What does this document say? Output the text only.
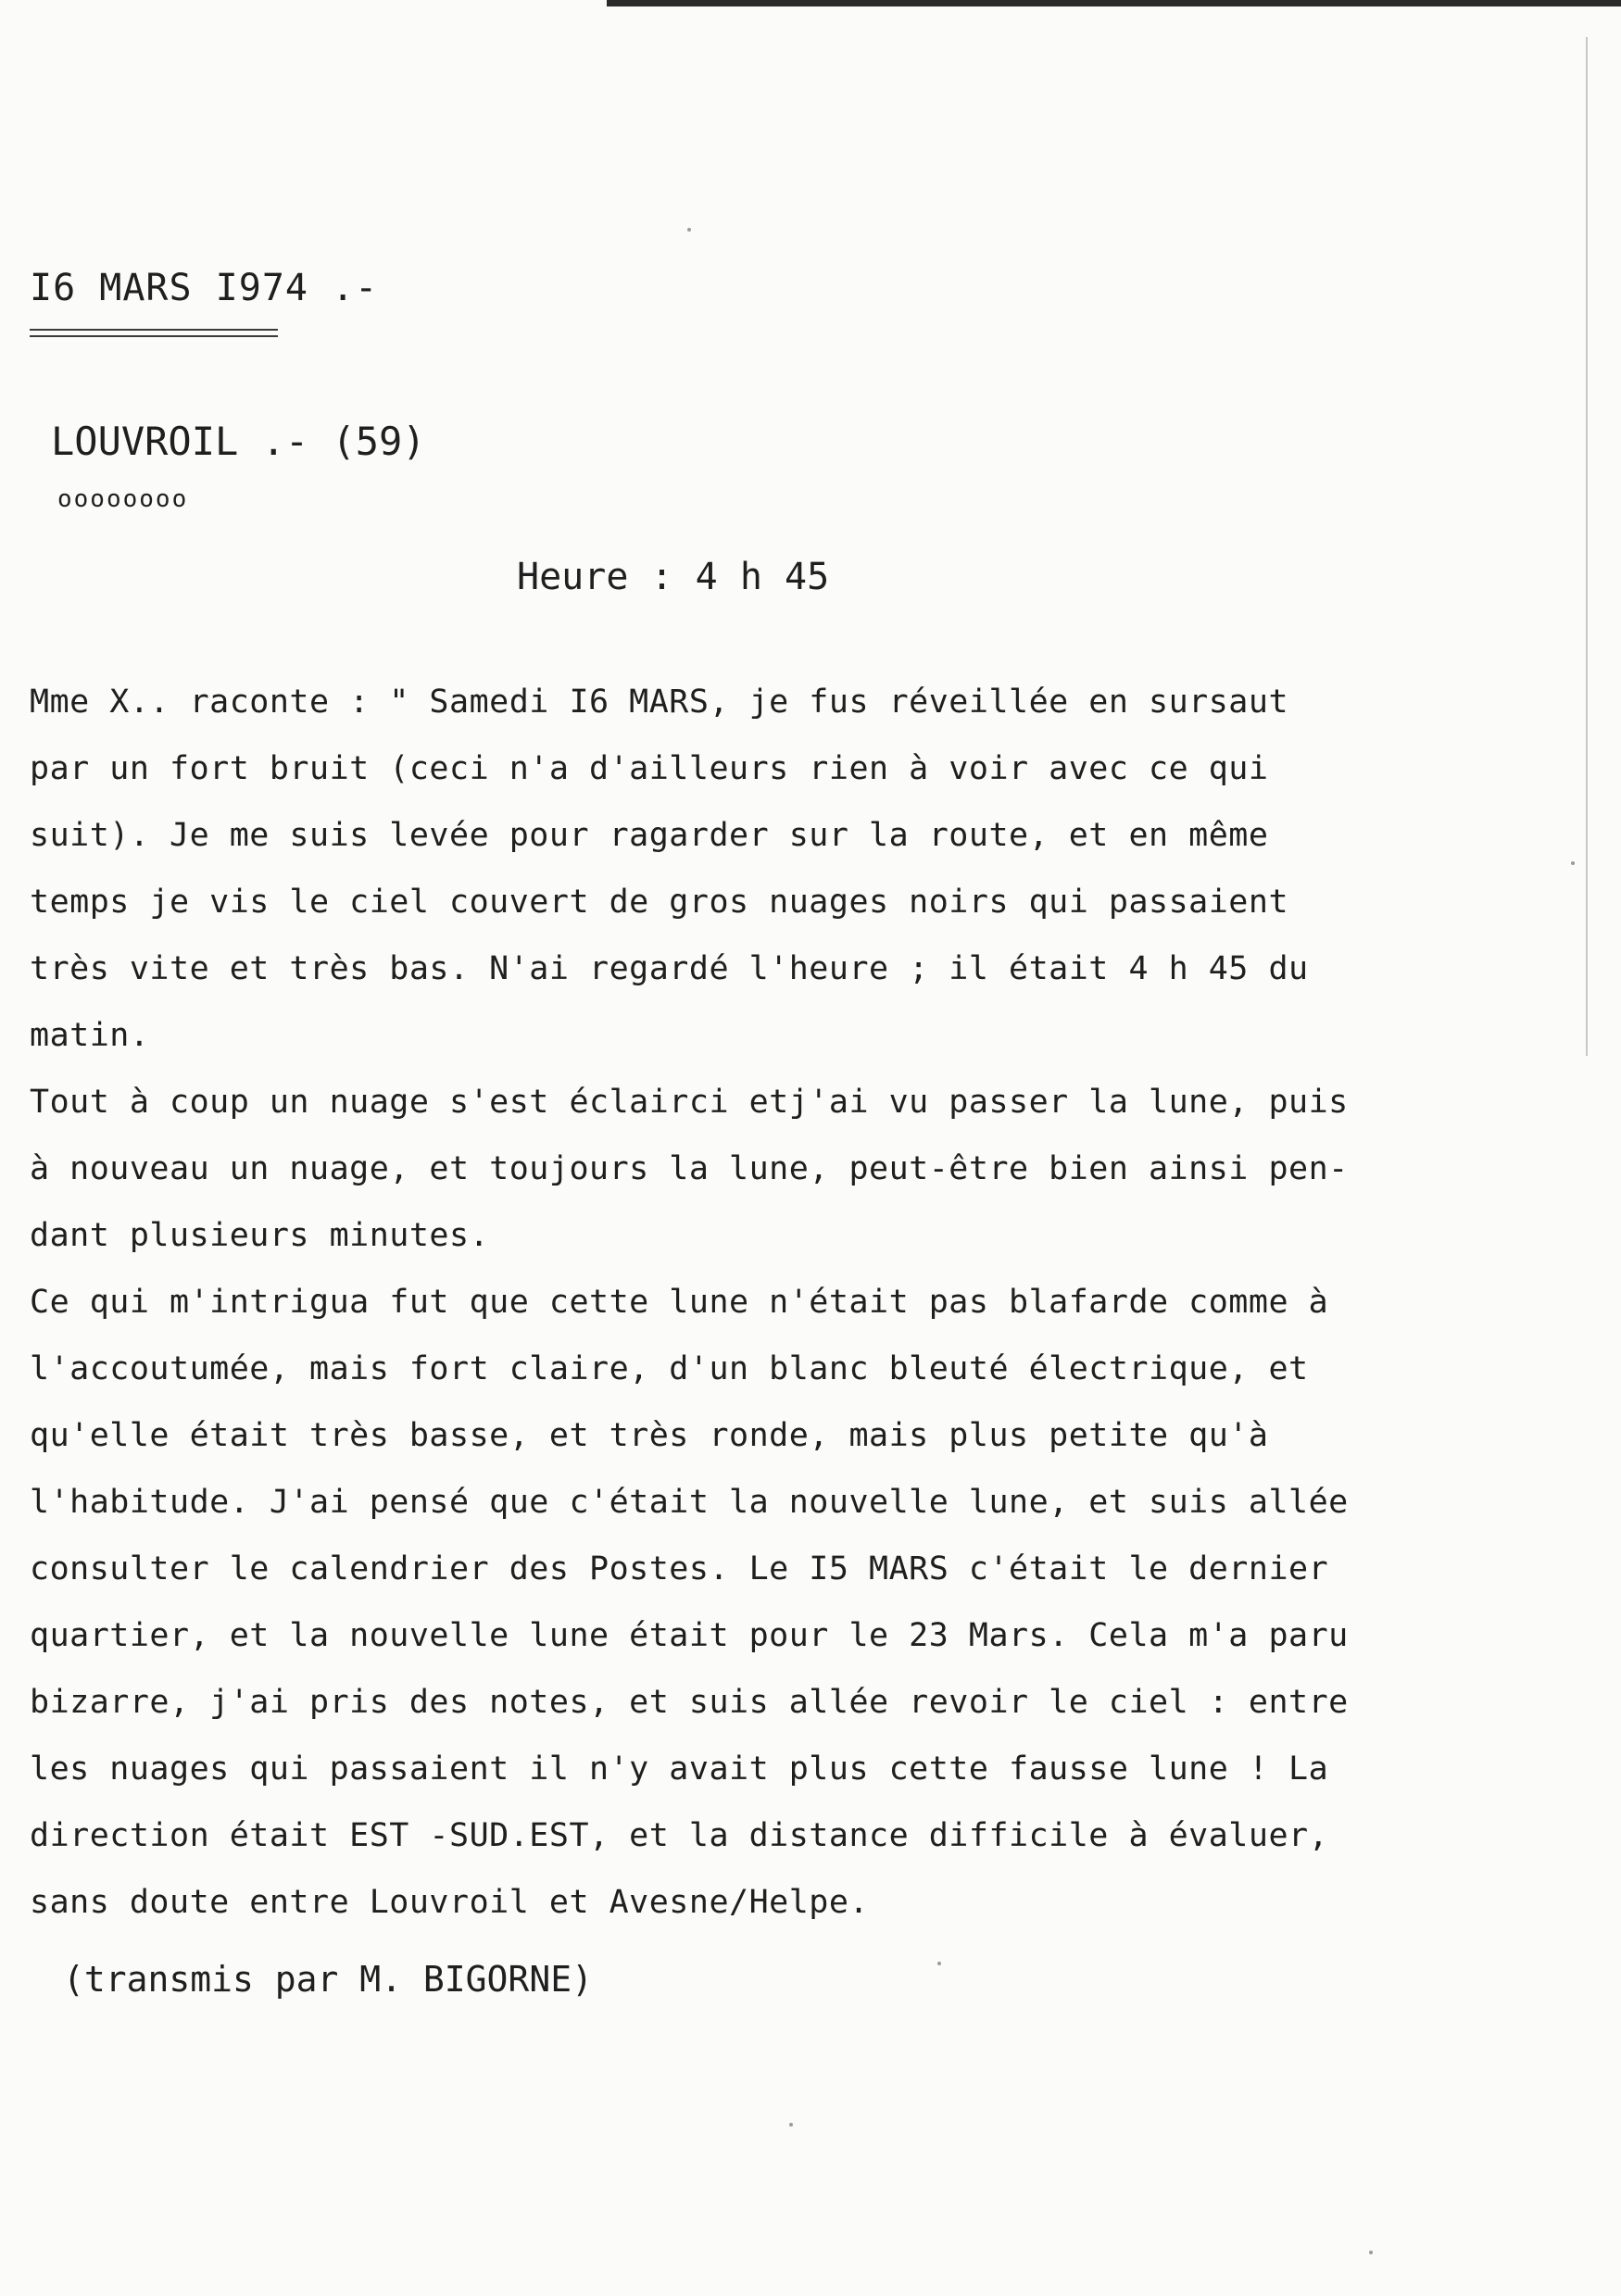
I6 MARS I974 .-
LOUVROIL .- (59)
oooooooo
Heure : 4 h 45
Mme X.. raconte : " Samedi I6 MARS, je fus réveillée en sursaut
par un fort bruit (ceci n'a d'ailleurs rien à voir avec ce qui
suit). Je me suis levée pour ragarder sur la route, et en même
temps je vis le ciel couvert de gros nuages noirs qui passaient
très vite et très bas. N'ai regardé l'heure ; il était 4 h 45 du
matin.
Tout à coup un nuage s'est éclairci etj'ai vu passer la lune, puis
à nouveau un nuage, et toujours la lune, peut-être bien ainsi pen-
dant plusieurs minutes.
Ce qui m'intrigua fut que cette lune n'était pas blafarde comme à
l'accoutumée, mais fort claire, d'un blanc bleuté électrique, et
qu'elle était très basse, et très ronde, mais plus petite qu'à
l'habitude. J'ai pensé que c'était la nouvelle lune, et suis allée
consulter le calendrier des Postes. Le I5 MARS c'était le dernier
quartier, et la nouvelle lune était pour le 23 Mars. Cela m'a paru
bizarre, j'ai pris des notes, et suis allée revoir le ciel : entre
les nuages qui passaient il n'y avait plus cette fausse lune ! La
direction était EST -SUD.EST, et la distance difficile à évaluer,
sans doute entre Louvroil et Avesne/Helpe.
(transmis par M. BIGORNE)
